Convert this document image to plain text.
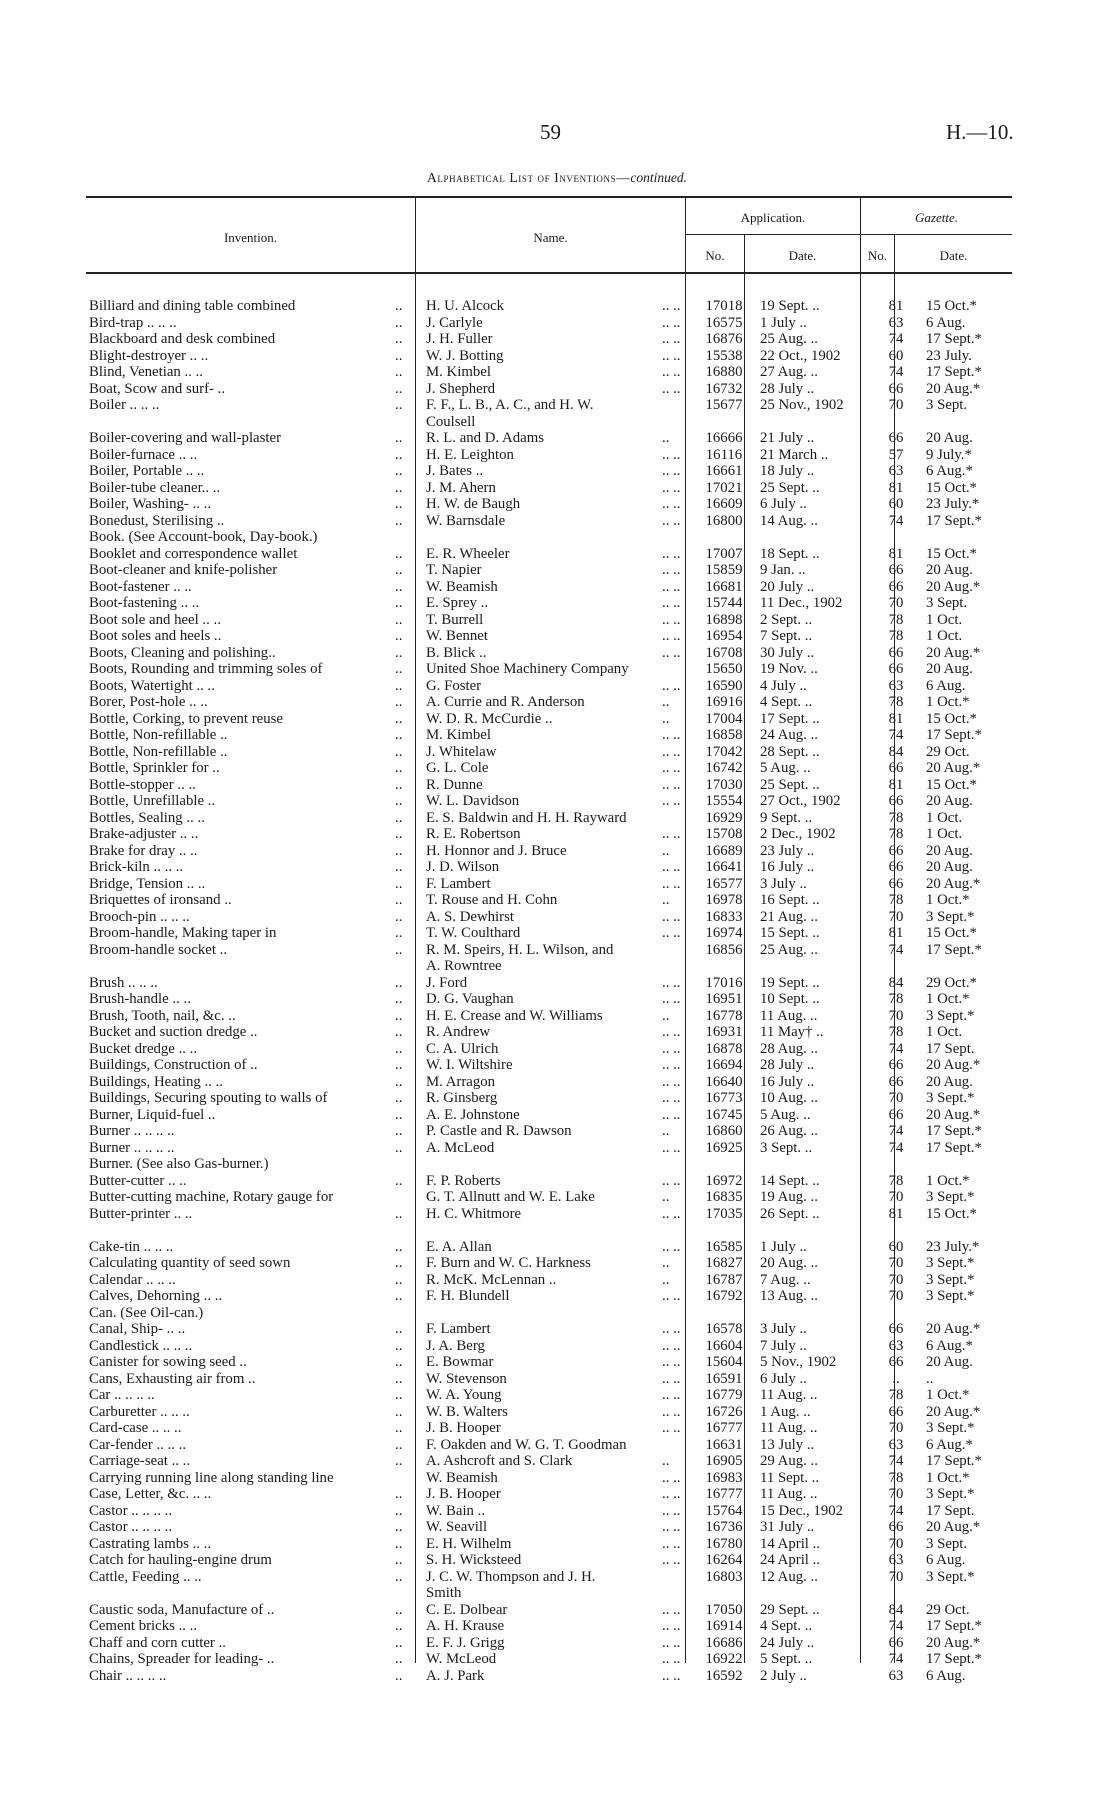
59	H.—10.
Alphabetical List of Inventions—continued.
Invention.	Name.
Application.	Gazette.
No.	Date.	No.	Date.
Billiard and dining table combined	..	H. U. Alcock	.. ..	17018	19 Sept. ..	81	15 Oct.*
Bird-trap .. .. ..	..	J. Carlyle	.. ..	16575	1 July ..	63	6 Aug.
Blackboard and desk combined	..	J. H. Fuller	.. ..	16876	25 Aug. ..	74	17 Sept.*
Blight-destroyer .. ..	..	W. J. Botting	.. ..	15538	22 Oct., 1902	60	23 July.
Blind, Venetian .. ..	..	M. Kimbel	.. ..	16880	27 Aug. ..	74	17 Sept.*
Boat, Scow and surf- ..	..	J. Shepherd	.. ..	16732	28 July ..	66	20 Aug.*
Boiler .. .. ..	..	F. F., L. B., A. C., and H. W.	15677	25 Nov., 1902	70	3 Sept.
Coulsell
Boiler-covering and wall-plaster	..	R. L. and D. Adams	..	16666	21 July ..	66	20 Aug.
Boiler-furnace .. ..	..	H. E. Leighton	.. ..	16116	21 March ..	57	9 July.*
Boiler, Portable .. ..	..	J. Bates ..	.. ..	16661	18 July ..	63	6 Aug.*
Boiler-tube cleaner.. ..	..	J. M. Ahern	.. ..	17021	25 Sept. ..	81	15 Oct.*
Boiler, Washing- .. ..	..	H. W. de Baugh	.. ..	16609	6 July ..	60	23 July.*
Bonedust, Sterilising ..	..	W. Barnsdale	.. ..	16800	14 Aug. ..	74	17 Sept.*
Book. (See Account-book, Day-book.)
Booklet and correspondence wallet	..	E. R. Wheeler	.. ..	17007	18 Sept. ..	81	15 Oct.*
Boot-cleaner and knife-polisher	..	T. Napier	.. ..	15859	9 Jan. ..	66	20 Aug.
Boot-fastener .. ..	..	W. Beamish	.. ..	16681	20 July ..	66	20 Aug.*
Boot-fastening .. ..	..	E. Sprey ..	.. ..	15744	11 Dec., 1902	70	3 Sept.
Boot sole and heel .. ..	..	T. Burrell	.. ..	16898	2 Sept. ..	78	1 Oct.
Boot soles and heels ..	..	W. Bennet	.. ..	16954	7 Sept. ..	78	1 Oct.
Boots, Cleaning and polishing..	..	B. Blick ..	.. ..	16708	30 July ..	66	20 Aug.*
Boots, Rounding and trimming soles of	..	United Shoe Machinery Company	15650	19 Nov. ..	66	20 Aug.
Boots, Watertight .. ..	..	G. Foster	.. ..	16590	4 July ..	63	6 Aug.
Borer, Post-hole .. ..	..	A. Currie and R. Anderson	..	16916	4 Sept. ..	78	1 Oct.*
Bottle, Corking, to prevent reuse	..	W. D. R. McCurdie ..	..	17004	17 Sept. ..	81	15 Oct.*
Bottle, Non-refillable ..	..	M. Kimbel	.. ..	16858	24 Aug. ..	74	17 Sept.*
Bottle, Non-refillable ..	..	J. Whitelaw	.. ..	17042	28 Sept. ..	84	29 Oct.
Bottle, Sprinkler for ..	..	G. L. Cole	.. ..	16742	5 Aug. ..	66	20 Aug.*
Bottle-stopper .. ..	..	R. Dunne	.. ..	17030	25 Sept. ..	81	15 Oct.*
Bottle, Unrefillable ..	..	W. L. Davidson	.. ..	15554	27 Oct., 1902	66	20 Aug.
Bottles, Sealing .. ..	..	E. S. Baldwin and H. H. Rayward	16929	9 Sept. ..	78	1 Oct.
Brake-adjuster .. ..	..	R. E. Robertson	.. ..	15708	2 Dec., 1902	78	1 Oct.
Brake for dray .. ..	..	H. Honnor and J. Bruce	..	16689	23 July ..	66	20 Aug.
Brick-kiln .. .. ..	..	J. D. Wilson	.. ..	16641	16 July ..	66	20 Aug.
Bridge, Tension .. ..	..	F. Lambert	.. ..	16577	3 July ..	66	20 Aug.*
Briquettes of ironsand ..	..	T. Rouse and H. Cohn	..	16978	16 Sept. ..	78	1 Oct.*
Brooch-pin .. .. ..	..	A. S. Dewhirst	.. ..	16833	21 Aug. ..	70	3 Sept.*
Broom-handle, Making taper in	..	T. W. Coulthard	.. ..	16974	15 Sept. ..	81	15 Oct.*
Broom-handle socket ..	..	R. M. Speirs, H. L. Wilson, and	16856	25 Aug. ..	74	17 Sept.*
A. Rowntree
Brush .. .. ..	..	J. Ford	.. ..	17016	19 Sept. ..	84	29 Oct.*
Brush-handle .. ..	..	D. G. Vaughan	.. ..	16951	10 Sept. ..	78	1 Oct.*
Brush, Tooth, nail, &c. ..	..	H. E. Crease and W. Williams	..	16778	11 Aug. ..	70	3 Sept.*
Bucket and suction dredge ..	..	R. Andrew	.. ..	16931	11 May† ..	78	1 Oct.
Bucket dredge .. ..	..	C. A. Ulrich	.. ..	16878	28 Aug. ..	74	17 Sept.
Buildings, Construction of ..	..	W. I. Wiltshire	.. ..	16694	28 July ..	66	20 Aug.*
Buildings, Heating .. ..	..	M. Arragon	.. ..	16640	16 July ..	66	20 Aug.
Buildings, Securing spouting to walls of	..	R. Ginsberg	.. ..	16773	10 Aug. ..	70	3 Sept.*
Burner, Liquid-fuel ..	..	A. E. Johnstone	.. ..	16745	5 Aug. ..	66	20 Aug.*
Burner .. .. .. ..	..	P. Castle and R. Dawson	..	16860	26 Aug. ..	74	17 Sept.*
Burner .. .. .. ..	..	A. McLeod	.. ..	16925	3 Sept. ..	74	17 Sept.*
Burner. (See also Gas-burner.)
Butter-cutter .. ..	..	F. P. Roberts	.. ..	16972	14 Sept. ..	78	1 Oct.*
Butter-cutting machine, Rotary gauge for	G. T. Allnutt and W. E. Lake	..	16835	19 Aug. ..	70	3 Sept.*
Butter-printer .. ..	..	H. C. Whitmore	.. ..	17035	26 Sept. ..	81	15 Oct.*
Cake-tin .. .. ..	..	E. A. Allan	.. ..	16585	1 July ..	60	23 July.*
Calculating quantity of seed sown	..	F. Burn and W. C. Harkness	..	16827	20 Aug. ..	70	3 Sept.*
Calendar .. .. ..	..	R. McK. McLennan ..	..	16787	7 Aug. ..	70	3 Sept.*
Calves, Dehorning .. ..	..	F. H. Blundell	.. ..	16792	13 Aug. ..	70	3 Sept.*
Can. (See Oil-can.)
Canal, Ship- .. ..	..	F. Lambert	.. ..	16578	3 July ..	66	20 Aug.*
Candlestick .. .. ..	..	J. A. Berg	.. ..	16604	7 July ..	63	6 Aug.*
Canister for sowing seed ..	..	E. Bowmar	.. ..	15604	5 Nov., 1902	66	20 Aug.
Cans, Exhausting air from ..	..	W. Stevenson	.. ..	16591	6 July ..	..	..
Car .. .. .. ..	..	W. A. Young	.. ..	16779	11 Aug. ..	78	1 Oct.*
Carburetter .. .. ..	..	W. B. Walters	.. ..	16726	1 Aug. ..	66	20 Aug.*
Card-case .. .. ..	..	J. B. Hooper	.. ..	16777	11 Aug. ..	70	3 Sept.*
Car-fender .. .. ..	..	F. Oakden and W. G. T. Goodman	16631	13 July ..	63	6 Aug.*
Carriage-seat .. ..	..	A. Ashcroft and S. Clark	..	16905	29 Aug. ..	74	17 Sept.*
Carrying running line along standing line	W. Beamish	.. ..	16983	11 Sept. ..	78	1 Oct.*
Case, Letter, &c. .. ..	..	J. B. Hooper	.. ..	16777	11 Aug. ..	70	3 Sept.*
Castor .. .. .. ..	..	W. Bain ..	.. ..	15764	15 Dec., 1902	74	17 Sept.
Castor .. .. .. ..	..	W. Seavill	.. ..	16736	31 July ..	66	20 Aug.*
Castrating lambs .. ..	..	E. H. Wilhelm	.. ..	16780	14 April ..	70	3 Sept.
Catch for hauling-engine drum	..	S. H. Wicksteed	.. ..	16264	24 April ..	63	6 Aug.
Cattle, Feeding .. ..	..	J. C. W. Thompson and J. H.	16803	12 Aug. ..	70	3 Sept.*
Smith
Caustic soda, Manufacture of ..	..	C. E. Dolbear	.. ..	17050	29 Sept. ..	84	29 Oct.
Cement bricks .. ..	..	A. H. Krause	.. ..	16914	4 Sept. ..	74	17 Sept.*
Chaff and corn cutter ..	..	E. F. J. Grigg	.. ..	16686	24 July ..	66	20 Aug.*
Chains, Spreader for leading- ..	..	W. McLeod	.. ..	16922	5 Sept. ..	74	17 Sept.*
Chair .. .. .. ..	..	A. J. Park	.. ..	16592	2 July ..	63	6 Aug.
